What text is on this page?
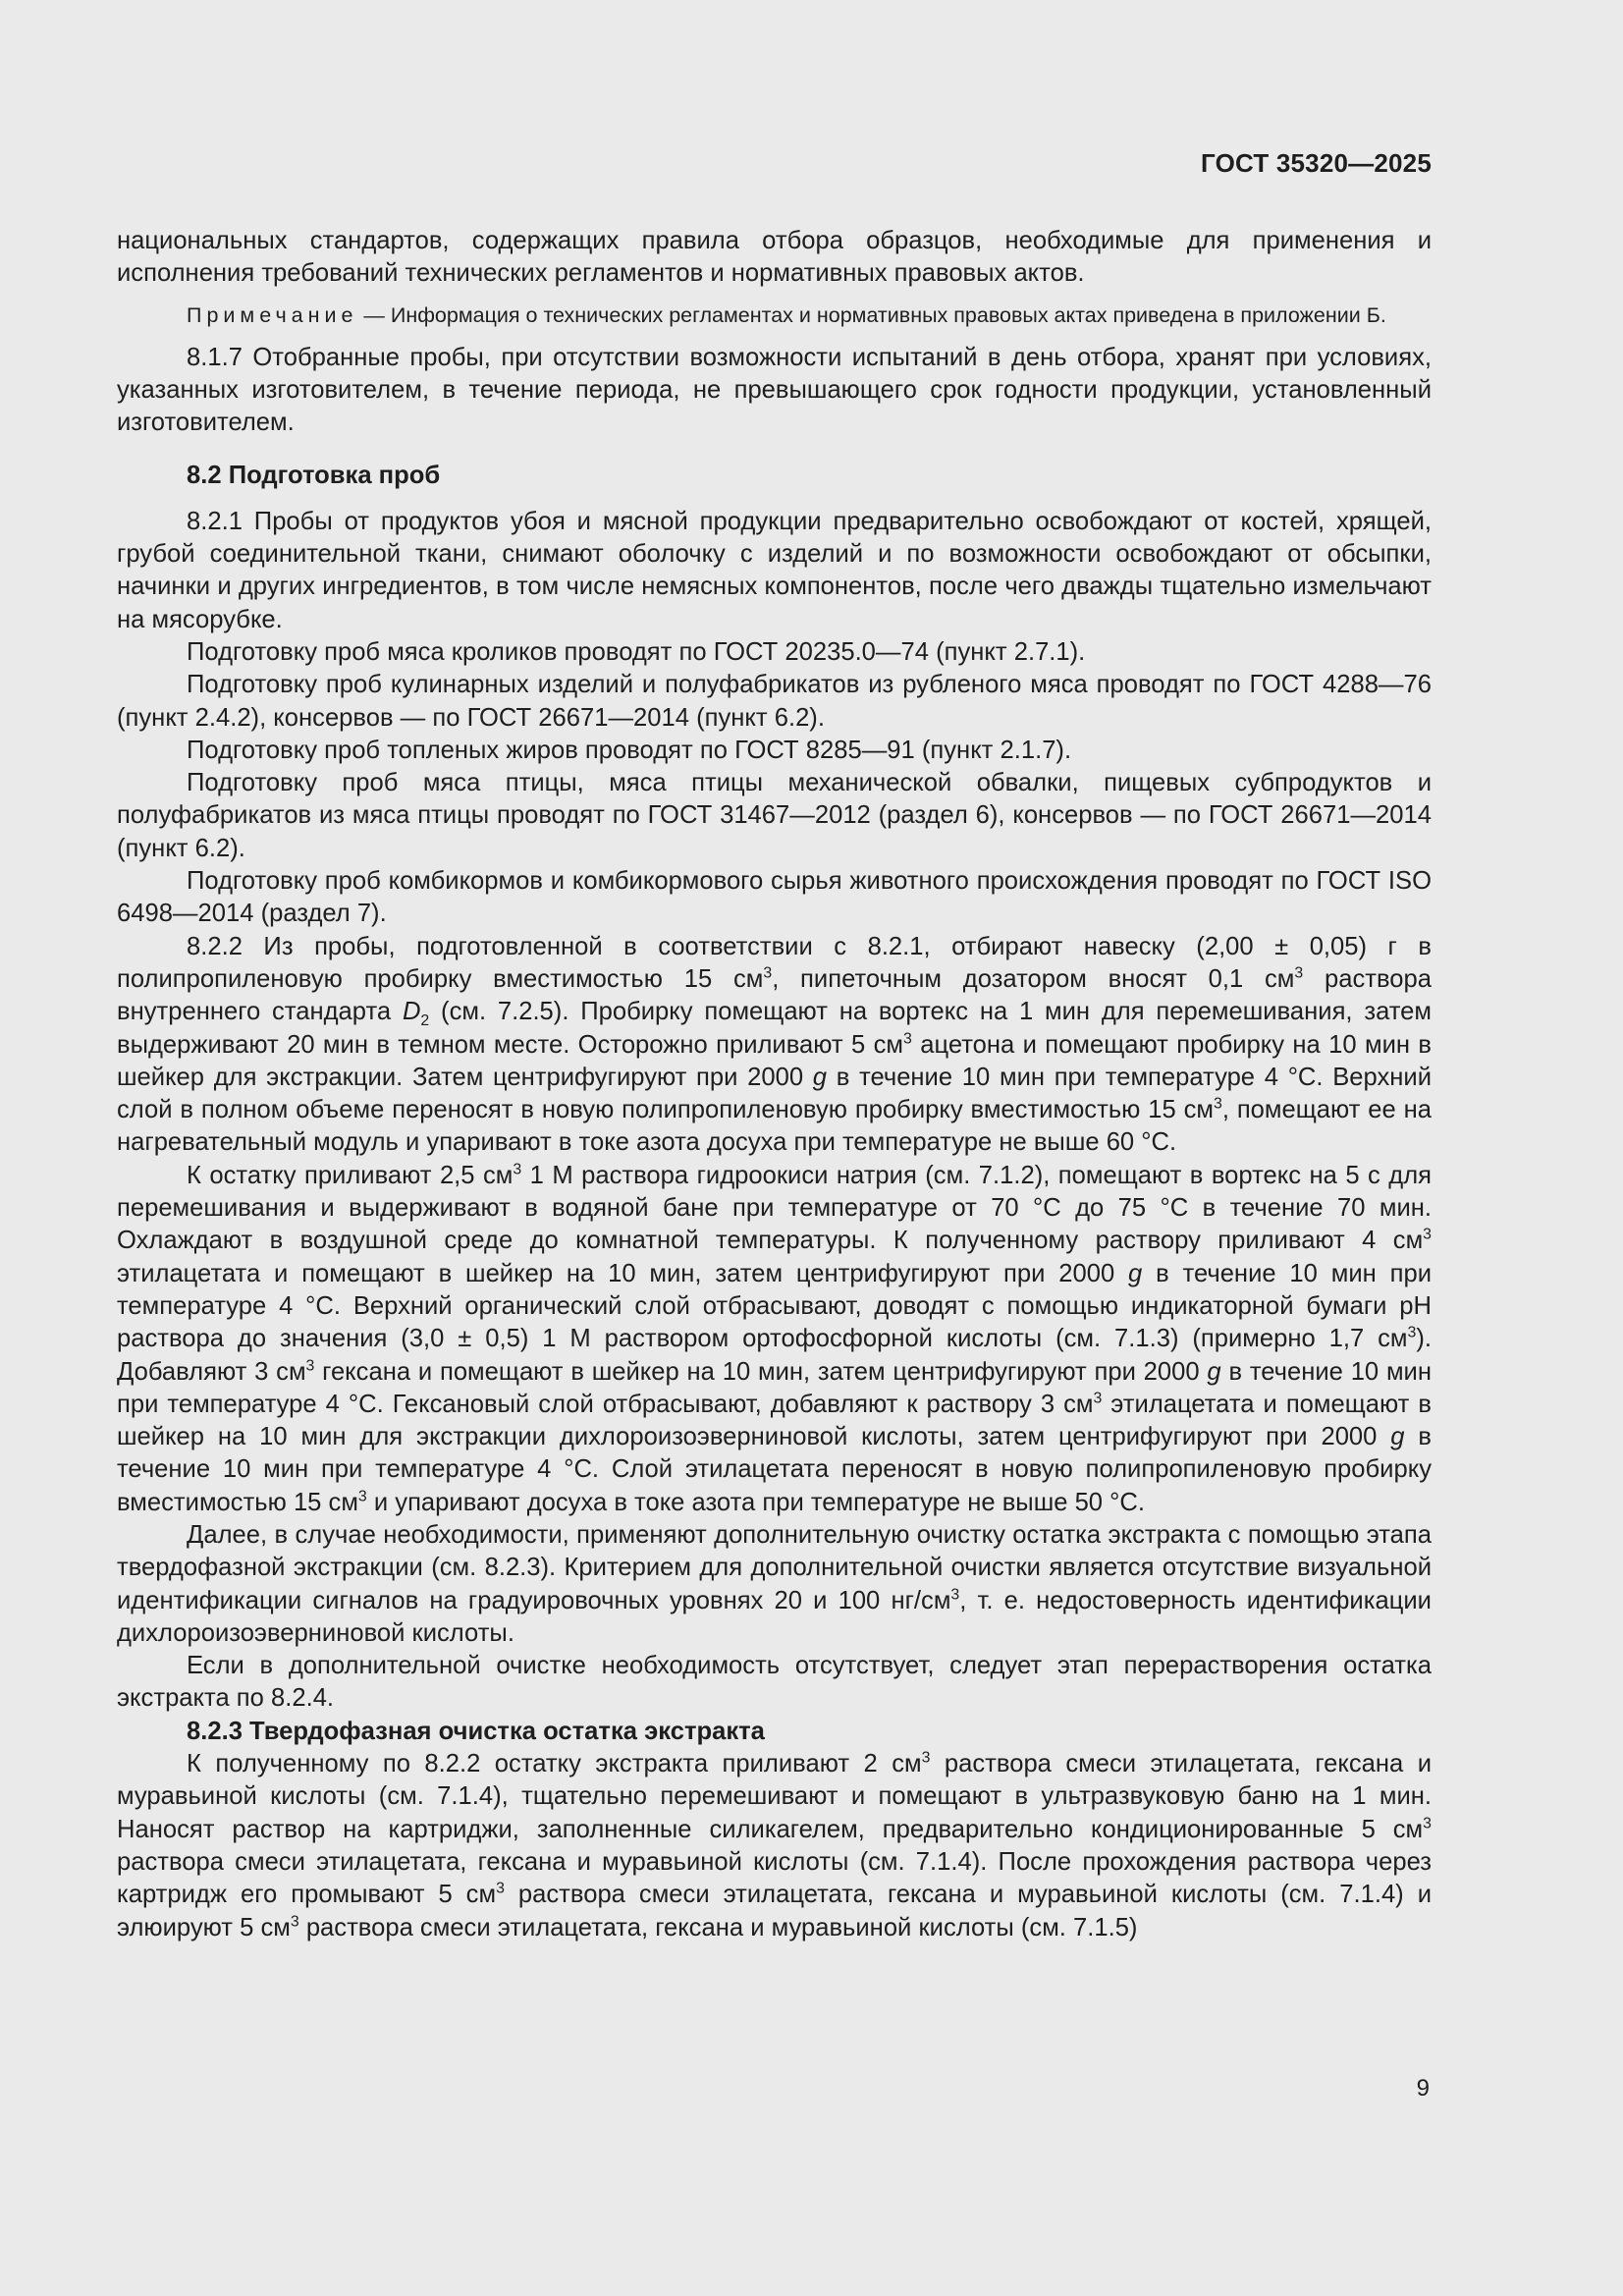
ГОСТ 35320—2025

национальных стандартов, содержащих правила отбора образцов, необходимые для применения и исполнения требований технических регламентов и нормативных правовых актов.

Примечание — Информация о технических регламентах и нормативных правовых актах приведена в приложении Б.

8.1.7 Отобранные пробы, при отсутствии возможности испытаний в день отбора, хранят при условиях, указанных изготовителем, в течение периода, не превышающего срок годности продукции, установленный изготовителем.

8.2 Подготовка проб

8.2.1 Пробы от продуктов убоя и мясной продукции предварительно освобождают от костей, хрящей, грубой соединительной ткани, снимают оболочку с изделий и по возможности освобождают от обсыпки, начинки и других ингредиентов, в том числе немясных компонентов, после чего дважды тщательно измельчают на мясорубке.

Подготовку проб мяса кроликов проводят по ГОСТ 20235.0—74 (пункт 2.7.1).

Подготовку проб кулинарных изделий и полуфабрикатов из рубленого мяса проводят по ГОСТ 4288—76 (пункт 2.4.2), консервов — по ГОСТ 26671—2014 (пункт 6.2).

Подготовку проб топленых жиров проводят по ГОСТ 8285—91 (пункт 2.1.7).

Подготовку проб мяса птицы, мяса птицы механической обвалки, пищевых субпродуктов и полуфабрикатов из мяса птицы проводят по ГОСТ 31467—2012 (раздел 6), консервов — по ГОСТ 26671—2014 (пункт 6.2).

Подготовку проб комбикормов и комбикормового сырья животного происхождения проводят по ГОСТ ISO 6498—2014 (раздел 7).

8.2.2 Из пробы, подготовленной в соответствии с 8.2.1, отбирают навеску (2,00 ± 0,05) г в полипропиленовую пробирку вместимостью 15 $см^3$, пипеточным дозатором вносят 0,1 $см^3$ раствора внутреннего стандарта $D_2$ (см. 7.2.5). Пробирку помещают на вортекс на 1 мин для перемешивания, затем выдерживают 20 мин в темном месте. Осторожно приливают 5 $см^3$ ацетона и помещают пробирку на 10 мин в шейкер для экстракции. Затем центрифугируют при 2000 g в течение 10 мин при температуре 4 °С. Верхний слой в полном объеме переносят в новую полипропиленовую пробирку вместимостью 15 $см^3$, помещают ее на нагревательный модуль и упаривают в токе азота досуха при температуре не выше 60 °С.

К остатку приливают 2,5 $см^3$ 1 М раствора гидроокиси натрия (см. 7.1.2), помещают в вортекс на 5 с для перемешивания и выдерживают в водяной бане при температуре от 70 °С до 75 °С в течение 70 мин. Охлаждают в воздушной среде до комнатной температуры. К полученному раствору приливают 4 $см^3$ этилацетата и помещают в шейкер на 10 мин, затем центрифугируют при 2000 g в течение 10 мин при температуре 4 °С. Верхний органический слой отбрасывают, доводят с помощью индикаторной бумаги pH раствора до значения (3,0 ± 0,5) 1 М раствором ортофосфорной кислоты (см. 7.1.3) (примерно 1,7 $см^3$). Добавляют 3 $см^3$ гексана и помещают в шейкер на 10 мин, затем центрифугируют при 2000 g в течение 10 мин при температуре 4 °С. Гексановый слой отбрасывают, добавляют к раствору 3 $см^3$ этилацетата и помещают в шейкер на 10 мин для экстракции дихлороизоэверниновой кислоты, затем центрифугируют при 2000 g в течение 10 мин при температуре 4 °С. Слой этилацетата переносят в новую полипропиленовую пробирку вместимостью 15 $см^3$ и упаривают досуха в токе азота при температуре не выше 50 °С.

Далее, в случае необходимости, применяют дополнительную очистку остатка экстракта с помощью этапа твердофазной экстракции (см. 8.2.3). Критерием для дополнительной очистки является отсутствие визуальной идентификации сигналов на градуировочных уровнях 20 и 100 $нг/см^3$, т. е. недостоверность идентификации дихлороизоэверниновой кислоты.

Если в дополнительной очистке необходимость отсутствует, следует этап перерастворения остатка экстракта по 8.2.4.

8.2.3 Твердофазная очистка остатка экстракта

К полученному по 8.2.2 остатку экстракта приливают 2 $см^3$ раствора смеси этилацетата, гексана и муравьиной кислоты (см. 7.1.4), тщательно перемешивают и помещают в ультразвуковую баню на 1 мин. Наносят раствор на картриджи, заполненные силикагелем, предварительно кондиционированные 5 $см^3$ раствора смеси этилацетата, гексана и муравьиной кислоты (см. 7.1.4). После прохождения раствора через картридж его промывают 5 $см^3$ раствора смеси этилацетата, гексана и муравьиной кислоты (см. 7.1.4) и элюируют 5 $см^3$ раствора смеси этилацетата, гексана и муравьиной кислоты (см. 7.1.5)

9
